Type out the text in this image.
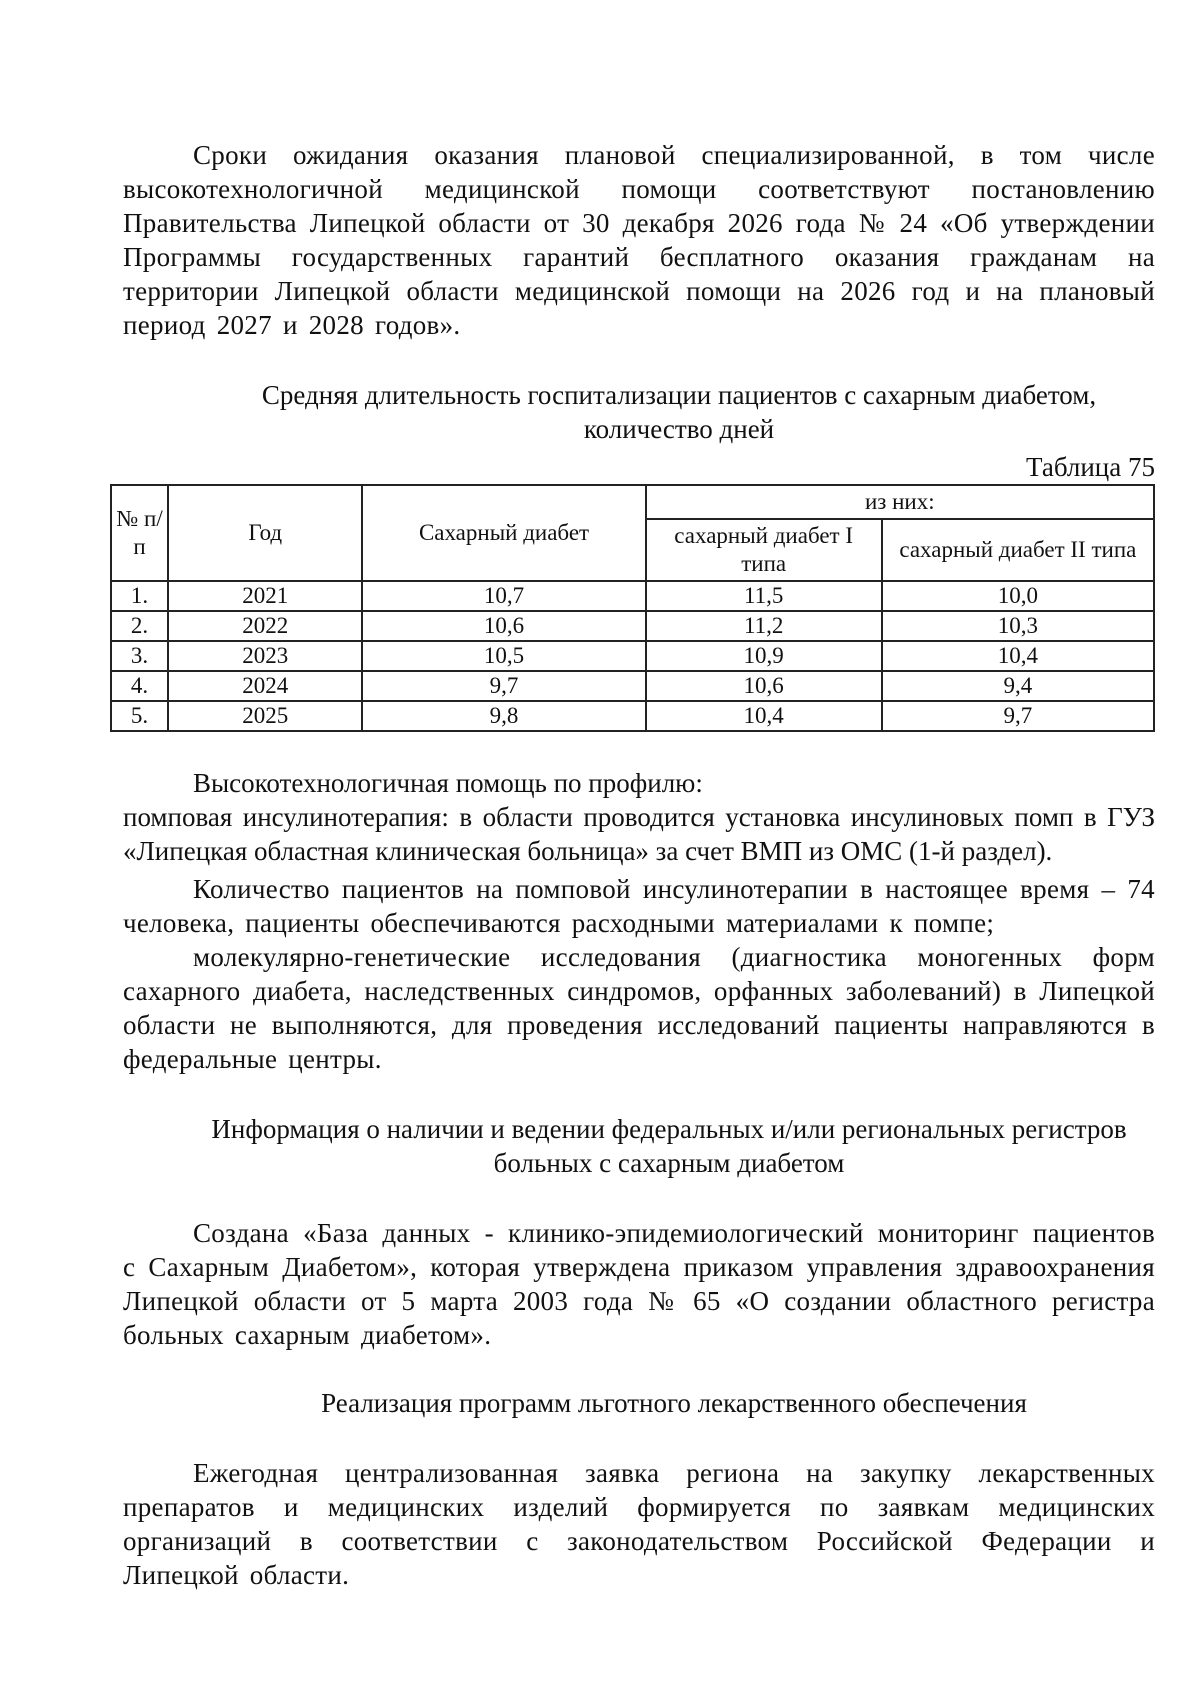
Сроки ожидания оказания плановой специализированной, в том числе высокотехнологичной медицинской помощи соответствуют постановлению Правительства Липецкой области от 30 декабря 2026 года № 24 «Об утверждении Программы государственных гарантий бесплатного оказания гражданам на территории Липецкой области медицинской помощи на 2026 год и на плановый период 2027 и 2028 годов».

Средняя длительность госпитализации пациентов с сахарным диабетом,

количество дней

Таблица 75

№ п/п	Год	Сахарный диабет	из них:	
			сахарный диабет I типа	сахарный диабет II типа
1.	2021	10,7	11,5	10,0
2.	2022	10,6	11,2	10,3
3.	2023	10,5	10,9	10,4
4.	2024	9,7	10,6	9,4
5.	2025	9,8	10,4	9,7

Высокотехнологичная помощь по профилю:

помповая инсулинотерапия: в области проводится установка инсулиновых помп в ГУЗ «Липецкая областная клиническая больница» за счет ВМП из ОМС (1-й раздел).

Количество пациентов на помповой инсулинотерапии в настоящее время – 74 человека, пациенты обеспечиваются расходными материалами к помпе;

молекулярно-генетические исследования (диагностика моногенных форм сахарного диабета, наследственных синдромов, орфанных заболеваний) в Липецкой области не выполняются, для проведения исследований пациенты направляются в федеральные центры.

Информация о наличии и ведении федеральных и/или региональных регистров

больных с сахарным диабетом

Создана «База данных - клинико-эпидемиологический мониторинг пациентов с Сахарным Диабетом», которая утверждена приказом управления здравоохранения Липецкой области от 5 марта 2003 года № 65 «О создании областного регистра больных сахарным диабетом».

Реализация программ льготного лекарственного обеспечения

Ежегодная централизованная заявка региона на закупку лекарственных препаратов и медицинских изделий формируется по заявкам медицинских организаций в соответствии с законодательством Российской Федерации и Липецкой области.
